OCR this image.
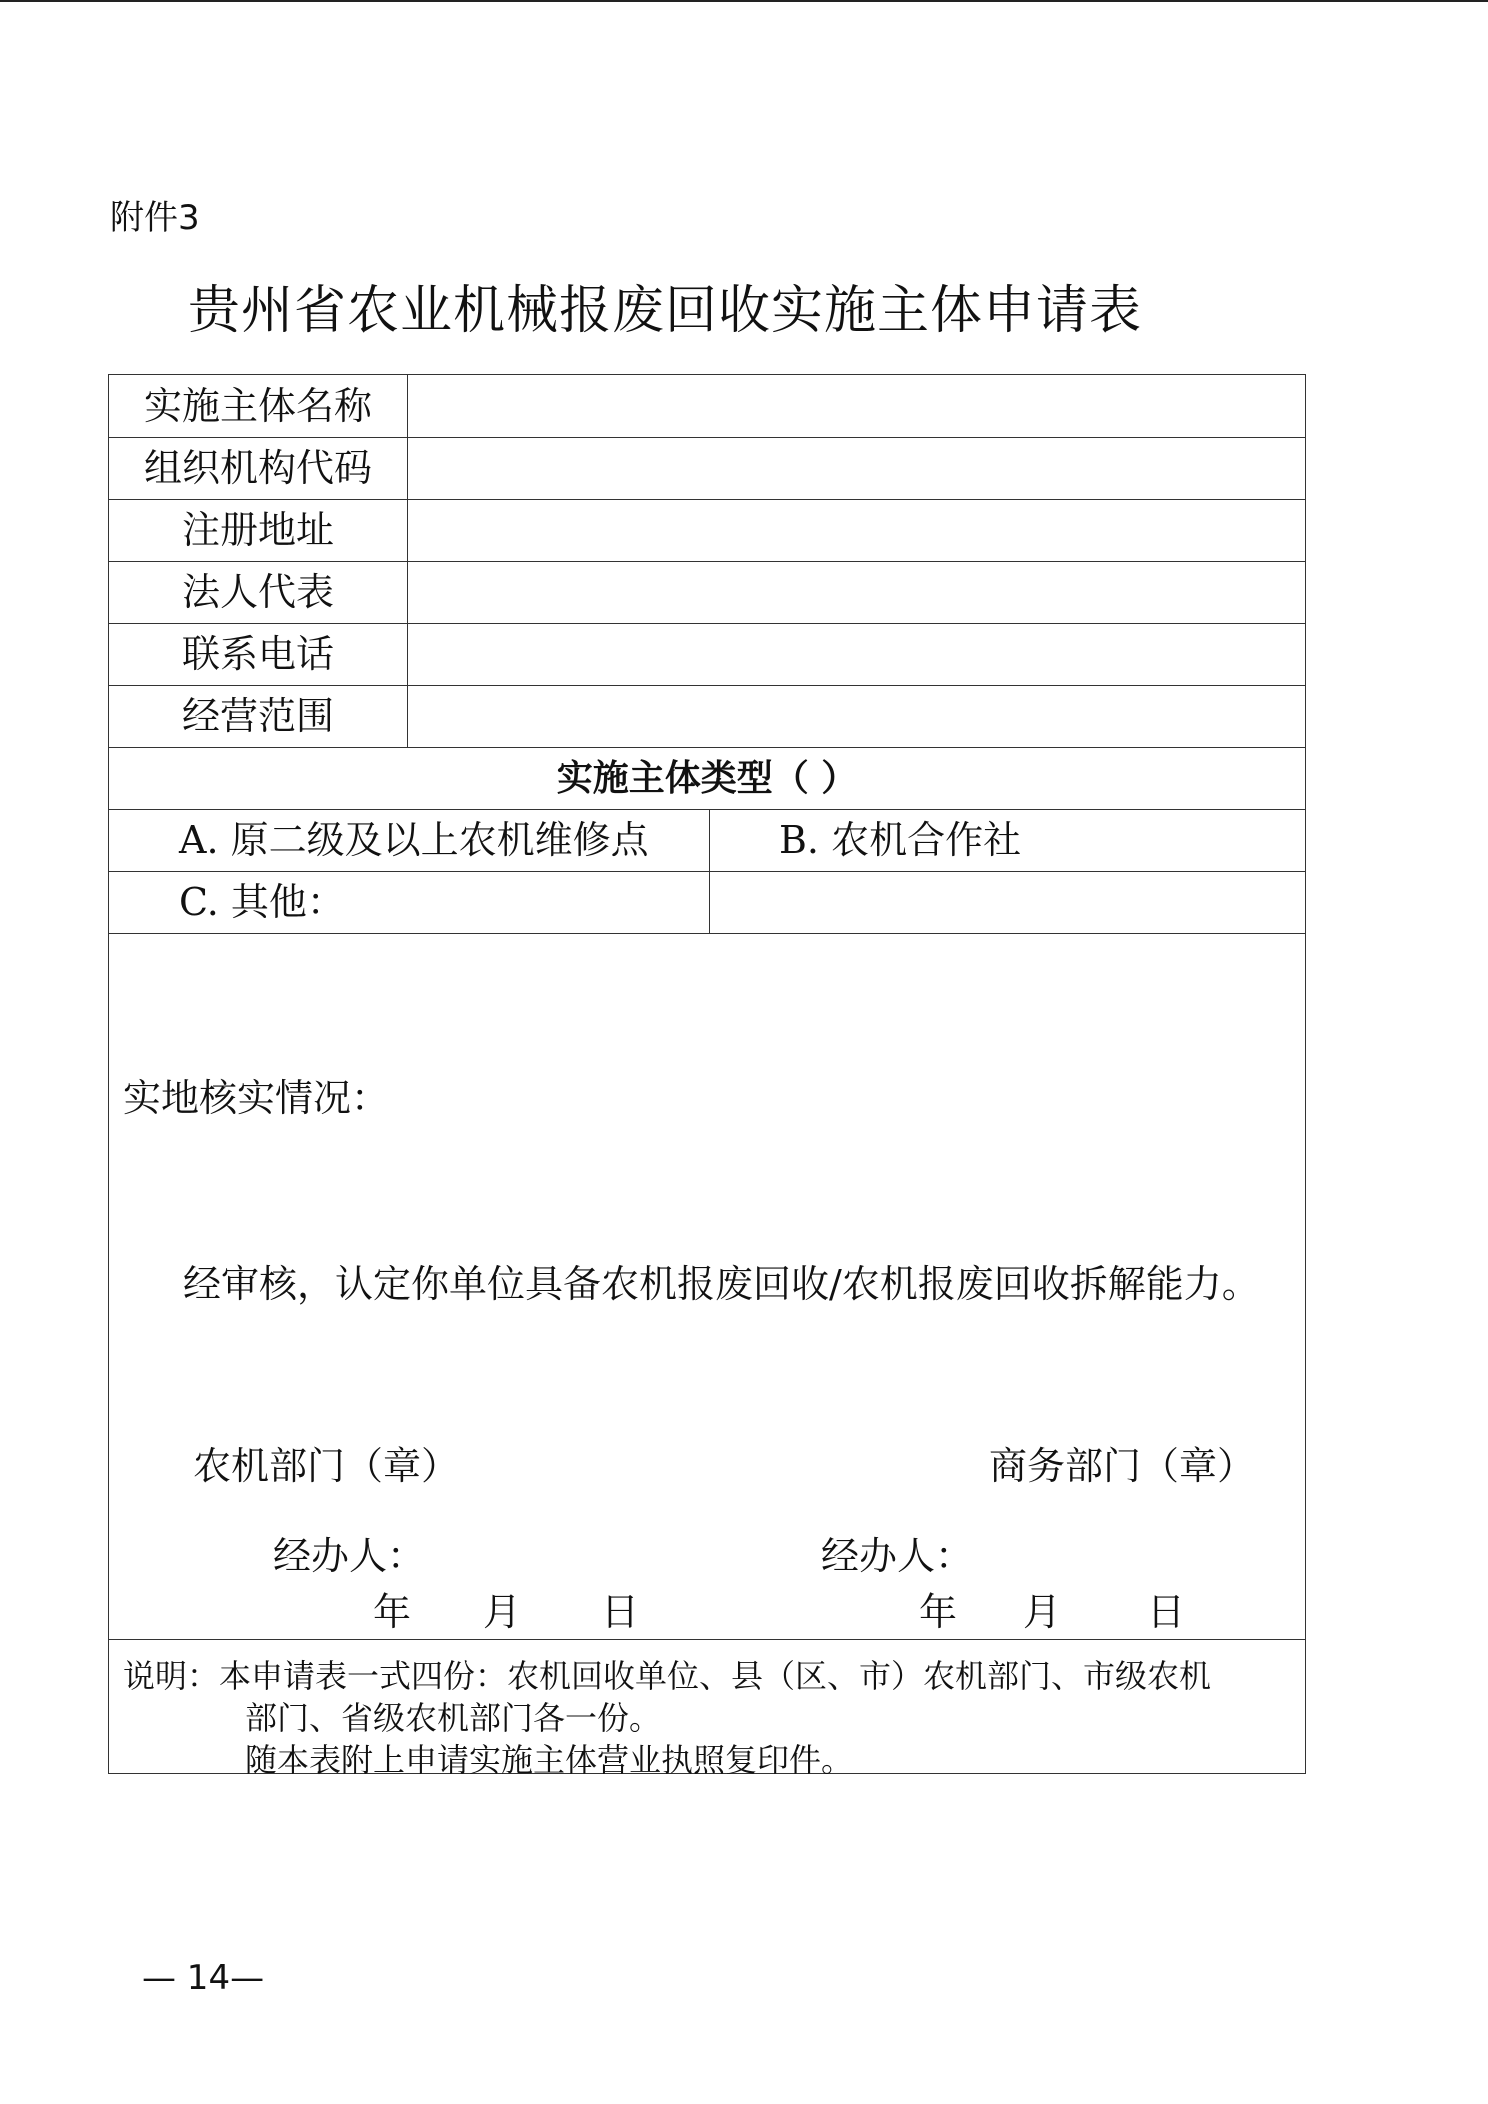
附件3
贵州省农业机械报废回收实施主体申请表
实施主体名称
组织机构代码
注册地址
法人代表
联系电话
经营范围
实施主体类型（ ）
A. 原二级及以上农机维修点	B. 农机合作社
C. 其他：
实地核实情况：
经审核，认定你单位具备农机报废回收/农机报废回收拆解能力。
农机部门（章）	商务部门（章）
经办人：	经办人：
年 月 日	年 月 日
说明：本申请表一式四份：农机回收单位、县（区、市）农机部门、市级农机
部门、省级农机部门各一份。
随本表附上申请实施主体营业执照复印件。
— 14—
